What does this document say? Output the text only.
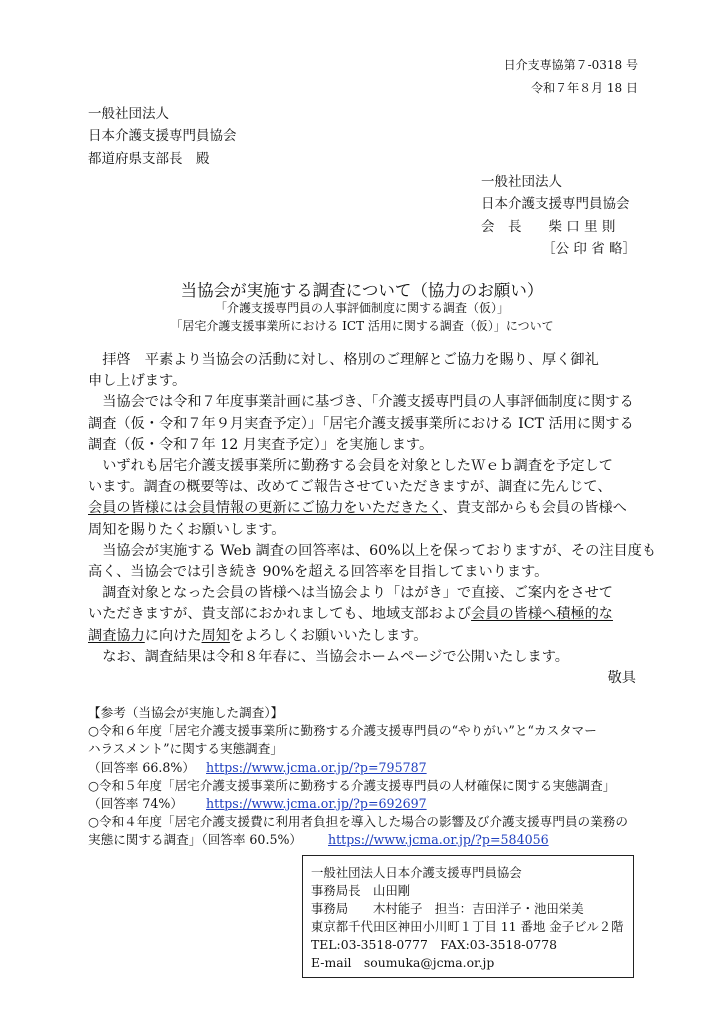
日介支専協第７-0318 号
令和７年８月 18 日
一般社団法人
日本介護支援専門員協会
都道府県支部長　殿
一般社団法人
日本介護支援専門員協会
会　長　　柴 口 里 則
［公 印 省 略］
当協会が実施する調査について（協力のお願い）
「介護支援専門員の人事評価制度に関する調査（仮）」
「居宅介護支援事業所における ICT 活用に関する調査（仮）」について
　拝啓　平素より当協会の活動に対し、格別のご理解とご協力を賜り、厚く御礼
申し上げます。
　当協会では令和７年度事業計画に基づき、「介護支援専門員の人事評価制度に関する
調査（仮・令和７年９月実査予定）」「居宅介護支援事業所における ICT 活用に関する
調査（仮・令和７年 12 月実査予定）」を実施します。
　いずれも居宅介護支援事業所に勤務する会員を対象としたＷｅｂ調査を予定して
います。調査の概要等は、改めてご報告させていただきますが、調査に先んじて、
会員の皆様には会員情報の更新にご協力をいただきたく、貴支部からも会員の皆様へ
周知を賜りたくお願いします。
　当協会が実施する Web 調査の回答率は、60%以上を保っておりますが、その注目度も
高く、当協会では引き続き 90%を超える回答率を目指してまいります。
　調査対象となった会員の皆様へは当協会より「はがき」で直接、ご案内をさせて
いただきますが、貴支部におかれましても、地域支部および会員の皆様へ積極的な
調査協力に向けた周知をよろしくお願いいたします。
　なお、調査結果は令和８年春に、当協会ホームページで公開いたします。
敬具
【参考（当協会が実施した調査）】
○令和６年度「居宅介護支援事業所に勤務する介護支援専門員の“やりがい”と“カスタマー
ハラスメント”に関する実態調査」
（回答率 66.8%） https://www.jcma.or.jp/?p=795787
○令和５年度「居宅介護支援事業所に勤務する介護支援専門員の人材確保に関する実態調査」
（回答率 74%） https://www.jcma.or.jp/?p=692697
○令和４年度「居宅介護支援費に利用者負担を導入した場合の影響及び介護支援専門員の業務の
実態に関する調査」（回答率 60.5%） https://www.jcma.or.jp/?p=584056
一般社団法人日本介護支援専門員協会
事務局長　山田剛
事務局　　木村能子　担当：吉田洋子・池田栄美
東京都千代田区神田小川町１丁目 11 番地 金子ビル２階
TEL:03-3518-0777　FAX:03-3518-0778
E-mail　soumuka@jcma.or.jp
